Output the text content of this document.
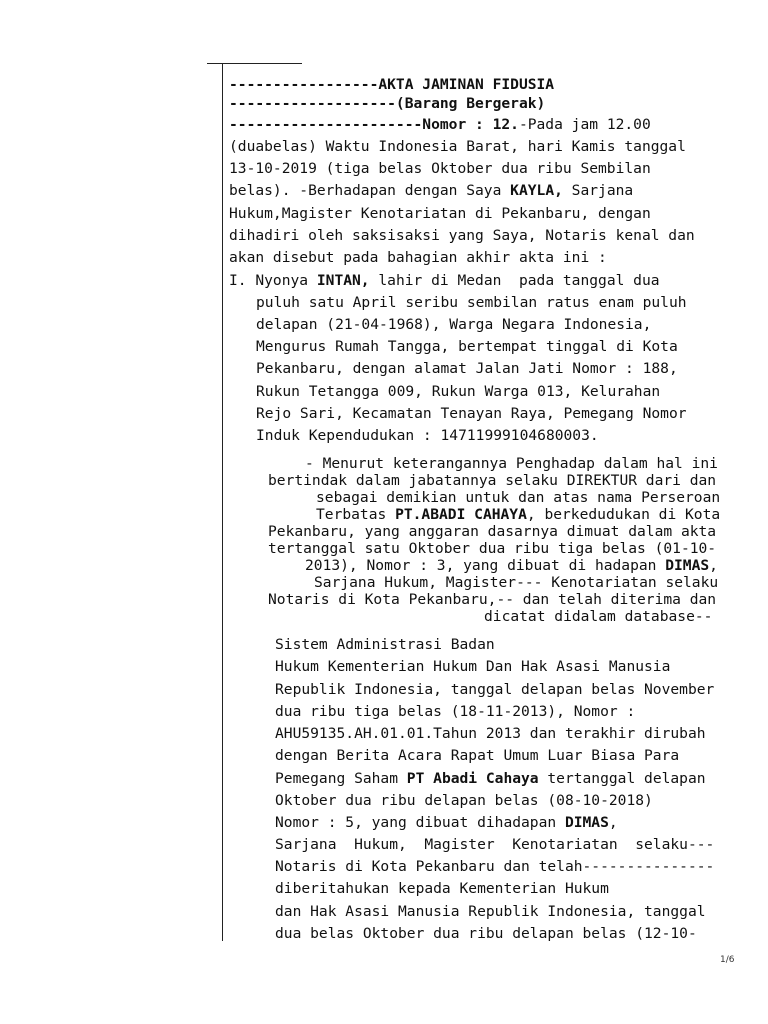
-----------------AKTA JAMINAN FIDUSIA
-------------------(Barang Bergerak)
----------------------Nomor : 12.-Pada jam 12.00
(duabelas) Waktu Indonesia Barat, hari Kamis tanggal
13-10-2019 (tiga belas Oktober dua ribu Sembilan
belas). -Berhadapan dengan Saya KAYLA, Sarjana
Hukum,Magister Kenotariatan di Pekanbaru, dengan
dihadiri oleh saksisaksi yang Saya, Notaris kenal dan
akan disebut pada bahagian akhir akta ini :
I. Nyonya INTAN, lahir di Medan  pada tanggal dua
puluh satu April seribu sembilan ratus enam puluh
delapan (21-04-1968), Warga Negara Indonesia,
Mengurus Rumah Tangga, bertempat tinggal di Kota
Pekanbaru, dengan alamat Jalan Jati Nomor : 188,
Rukun Tetangga 009, Rukun Warga 013, Kelurahan
Rejo Sari, Kecamatan Tenayan Raya, Pemegang Nomor
Induk Kependudukan : 14711999104680003.
- Menurut keterangannya Penghadap dalam hal ini
bertindak dalam jabatannya selaku DIREKTUR dari dan
sebagai demikian untuk dan atas nama Perseroan
Terbatas PT.ABADI CAHAYA, berkedudukan di Kota
Pekanbaru, yang anggaran dasarnya dimuat dalam akta
tertanggal satu Oktober dua ribu tiga belas (01-10-
2013), Nomor : 3, yang dibuat di hadapan DIMAS,
Sarjana Hukum, Magister--- Kenotariatan selaku
Notaris di Kota Pekanbaru,-- dan telah diterima dan
dicatat didalam database--
Sistem Administrasi Badan
Hukum Kementerian Hukum Dan Hak Asasi Manusia
Republik Indonesia, tanggal delapan belas November
dua ribu tiga belas (18-11-2013), Nomor :
AHU59135.AH.01.01.Tahun 2013 dan terakhir dirubah
dengan Berita Acara Rapat Umum Luar Biasa Para
Pemegang Saham PT Abadi Cahaya tertanggal delapan
Oktober dua ribu delapan belas (08-10-2018)
Nomor : 5, yang dibuat dihadapan DIMAS,
Sarjana  Hukum,  Magister  Kenotariatan  selaku---
Notaris di Kota Pekanbaru dan telah---------------
diberitahukan kepada Kementerian Hukum
dan Hak Asasi Manusia Republik Indonesia, tanggal
dua belas Oktober dua ribu delapan belas (12-10-
1/6
